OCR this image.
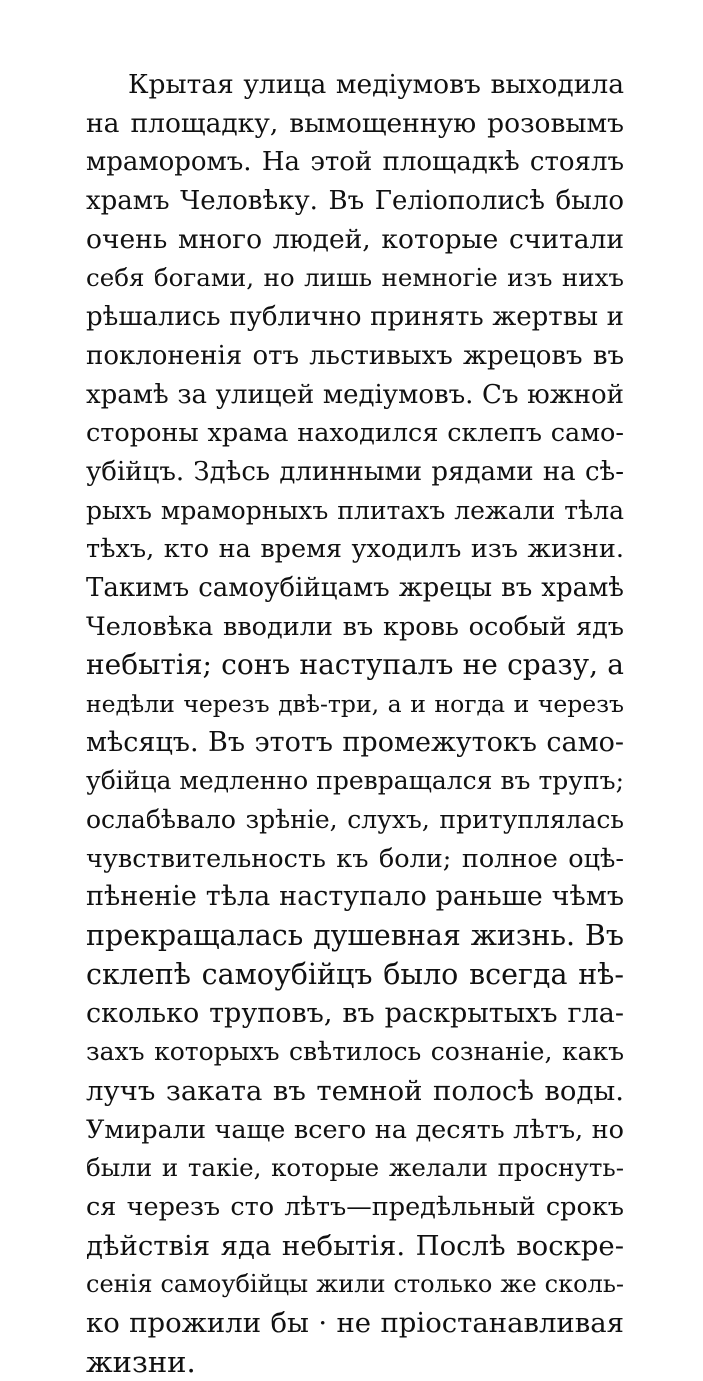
Крытая улица медіумовъ выходила
на площадку, вымощенную розовымъ
мраморомъ. На этой площадкѣ стоялъ
храмъ Человѣку. Въ Геліополисѣ было
очень много людей, которые считали
себя богами, но лишь немногіе изъ нихъ
рѣшались публично принять жертвы и
поклоненія отъ льстивыхъ жрецовъ въ
храмѣ за улицей медіумовъ. Съ южной
стороны храма находился склепъ само-
убійцъ. Здѣсь длинными рядами на сѣ-
рыхъ мраморныхъ плитахъ лежали тѣла
тѣхъ, кто на время уходилъ изъ жизни.
Такимъ самоубійцамъ жрецы въ храмѣ
Человѣка вводили въ кровь особый ядъ
небытія; сонъ наступалъ не сразу, а
недѣли черезъ двѣ-три, а и ногда и черезъ
мѣсяцъ. Въ этотъ промежутокъ само-
убійца медленно превращался въ трупъ;
ослабѣвало зрѣніе, слухъ, притуплялась
чувствительность къ боли; полное оцѣ-
пѣненіе тѣла наступало раньше чѣмъ
прекращалась душевная жизнь. Въ
склепѣ самоубійцъ было всегда нѣ-
сколько труповъ, въ раскрытыхъ гла-
захъ которыхъ свѣтилось сознаніе, какъ
лучъ заката въ темной полосѣ воды.
Умирали чаще всего на десять лѣтъ, но
были и такіе, которые желали проснуть-
ся черезъ сто лѣтъ—предѣльный срокъ
дѣйствія яда небытія. Послѣ воскре-
сенія самоубійцы жили столько же сколь-
ко прожили бы · не пріостанавливая
жизни.
